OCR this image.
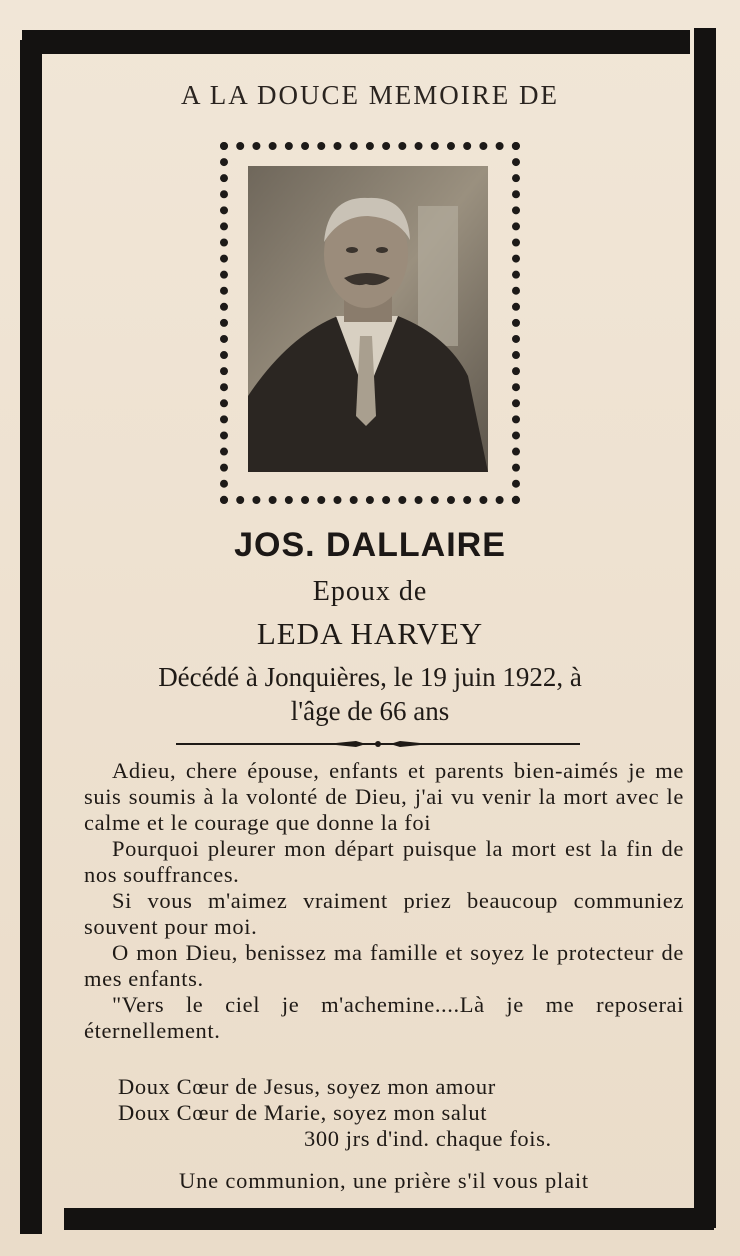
A LA DOUCE MEMOIRE DE
JOS. DALLAIRE
Epoux de
LEDA HARVEY
Décédé à Jonquières, le 19 juin 1922, à
l'âge de 66 ans

Adieu, chere épouse, enfants et parents bien-aimés je me suis soumis à la volonté de Dieu, j'ai vu venir la mort avec le calme et le courage que donne la foi

Pourquoi pleurer mon départ puisque la mort est la fin de nos souffrances.

Si vous m'aimez vraiment priez beaucoup communiez souvent pour moi.

O mon Dieu, benissez ma famille et soyez le protecteur de mes enfants.

"Vers le ciel je m'achemine....Là je me reposerai éternellement.

Doux Cœur de Jesus, soyez mon amour
Doux Cœur de Marie, soyez mon salut
300 jrs d'ind. chaque fois.
Une communion, une prière s'il vous plait
